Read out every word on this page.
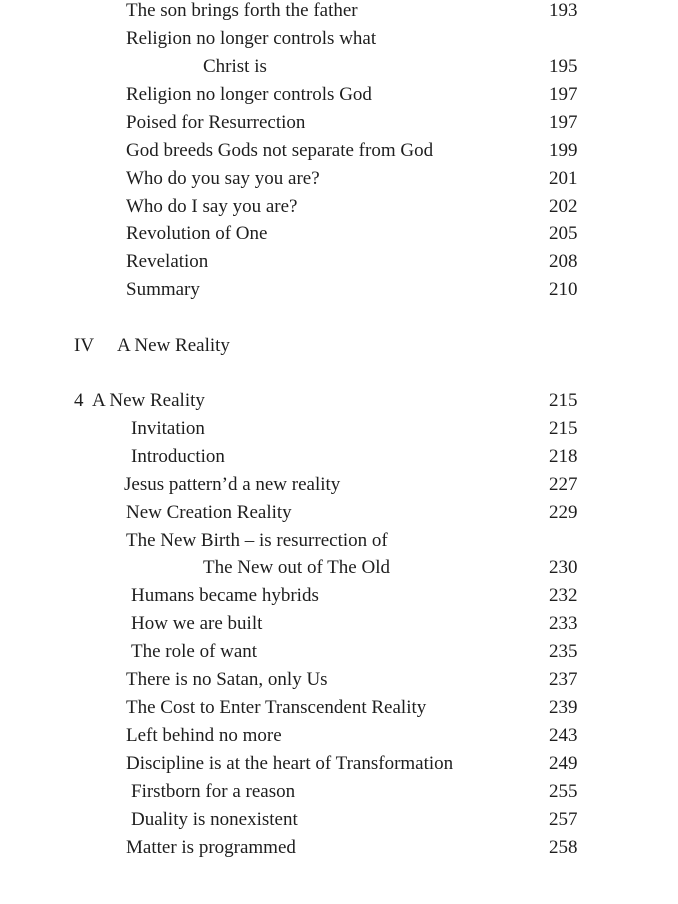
The son brings forth the father	193
Religion no longer controls what
Christ is	195
Religion no longer controls God	197
Poised for Resurrection	197
God breeds Gods not separate from God	199
Who do you say you are?	201
Who do I say you are?	202
Revolution of One	205
Revelation	208
Summary	210
IV A New Reality
4  A New Reality	215
Invitation	215
Introduction	218
Jesus pattern’d a new reality	227
New Creation Reality	229
The New Birth – is resurrection of
The New out of The Old	230
Humans became hybrids	232
How we are built	233
The role of want	235
There is no Satan, only Us	237
The Cost to Enter Transcendent Reality	239
Left behind no more	243
Discipline is at the heart of Transformation	249
Firstborn for a reason	255
Duality is nonexistent	257
Matter is programmed	258
